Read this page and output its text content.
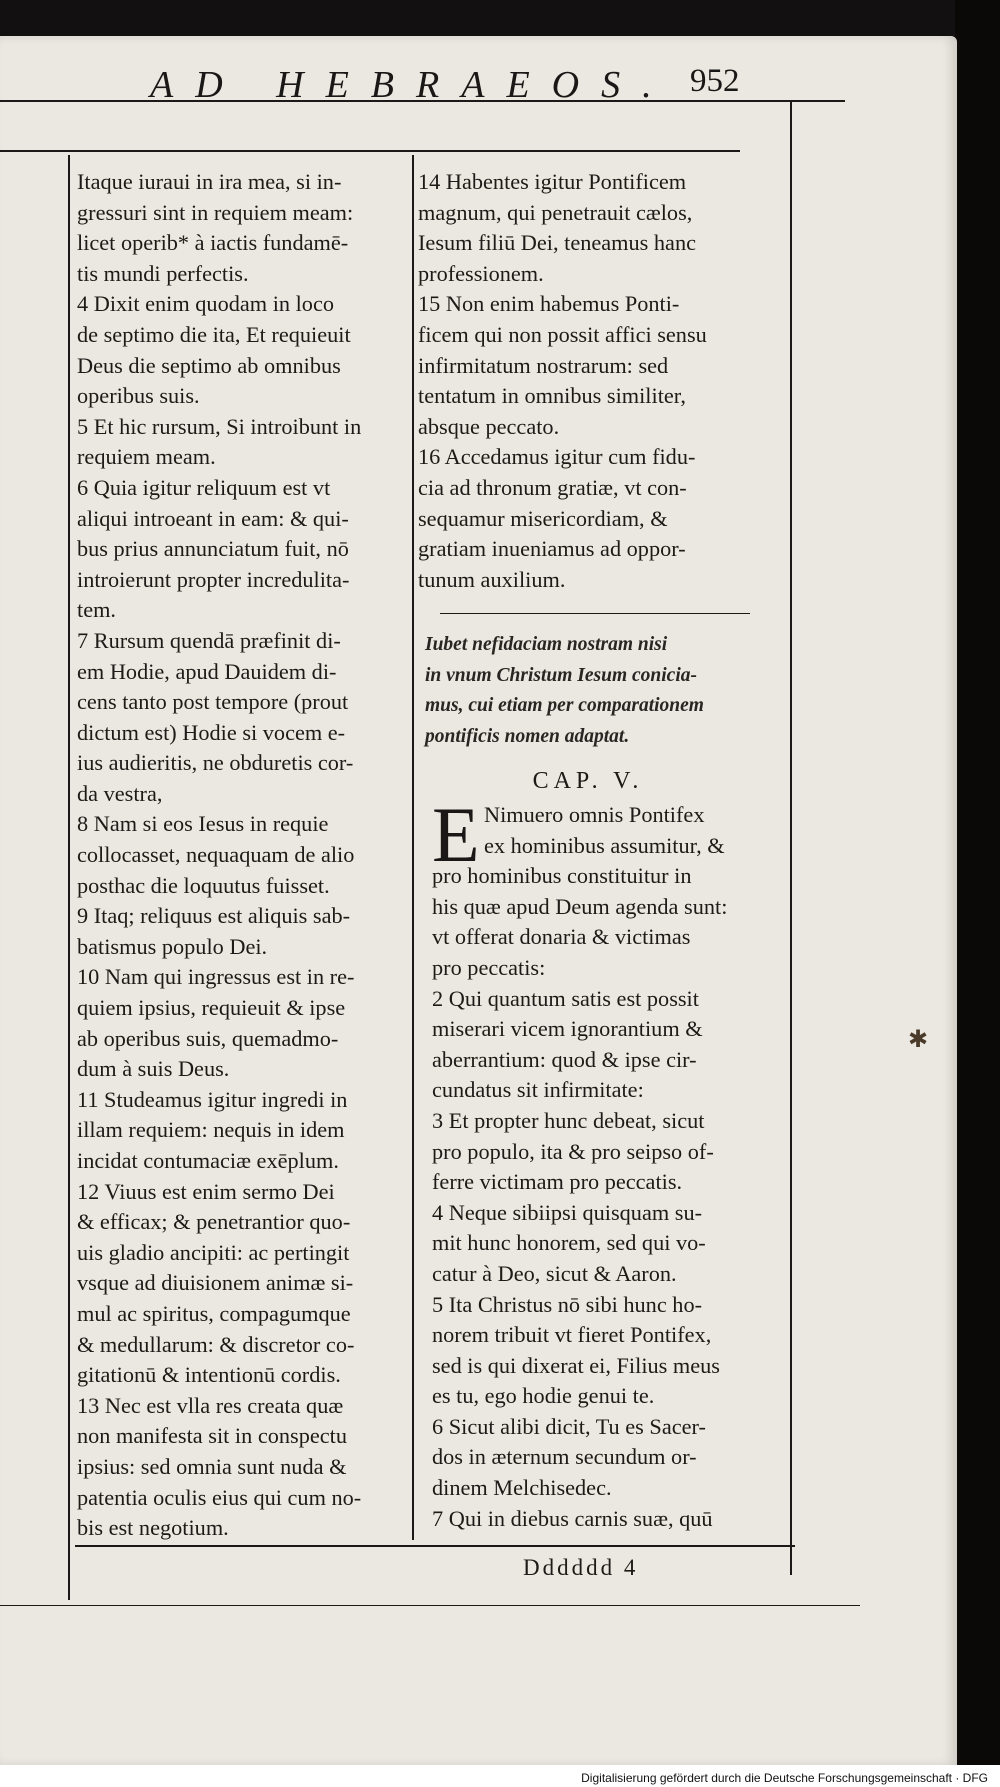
AD HEBRAEOS. 952
Itaque iuraui in ira mea, si in-
gressuri sint in requiem meam:
licet operib* à iactis fundamē-
tis mundi perfectis.
4 Dixit enim quodam in loco
de septimo die ita, Et requieuit
Deus die septimo ab omnibus
operibus suis.
5 Et hic rursum, Si introibunt in
requiem meam.
6 Quia igitur reliquum est vt
aliqui introeant in eam: & qui-
bus prius annunciatum fuit, nō
introierunt propter incredulita-
tem.
7 Rursum quendā præfinit di-
em Hodie, apud Dauidem di-
cens tanto post tempore (prout
dictum est) Hodie si vocem e-
ius audieritis, ne obduretis cor-
da vestra,
8 Nam si eos Iesus in requie
collocasset, nequaquam de alio
posthac die loquutus fuisset.
9 Itaq; reliquus est aliquis sab-
batismus populo Dei.
10 Nam qui ingressus est in re-
quiem ipsius, requieuit & ipse
ab operibus suis, quemadmo-
dum à suis Deus.
11 Studeamus igitur ingredi in
illam requiem: nequis in idem
incidat contumaciæ exēplum.
12 Viuus est enim sermo Dei
& efficax; & penetrantior quo-
uis gladio ancipiti: ac pertingit
vsque ad diuisionem animæ si-
mul ac spiritus, compagumque
& medullarum: & discretor co-
gitationū & intentionū cordis.
13 Nec est vlla res creata quæ
non manifesta sit in conspectu
ipsius: sed omnia sunt nuda &
patentia oculis eius qui cum no-
bis est negotium.
14 Habentes igitur Pontificem
magnum, qui penetrauit cælos,
Iesum filiū Dei, teneamus hanc
professionem.
15 Non enim habemus Ponti-
ficem qui non possit affici sensu
infirmitatum nostrarum: sed
tentatum in omnibus similiter,
absque peccato.
16 Accedamus igitur cum fidu-
cia ad thronum gratiæ, vt con-
sequamur misericordiam, &
gratiam inueniamus ad oppor-
tunum auxilium.
Iubet nefidaciam nostram nisi
in vnum Christum Iesum conicia-
mus, cui etiam per comparationem
pontificis nomen adaptat.
CAP. V.
E Nimuero omnis Pontifex
ex hominibus assumitur, &
pro hominibus constituitur in
his quæ apud Deum agenda sunt:
vt offerat donaria & victimas
pro peccatis:
2 Qui quantum satis est possit
miserari vicem ignorantium &
aberrantium: quod & ipse cir-
cundatus sit infirmitate:
3 Et propter hunc debeat, sicut
pro populo, ita & pro seipso of-
ferre victimam pro peccatis.
4 Neque sibiipsi quisquam su-
mit hunc honorem, sed qui vo-
catur à Deo, sicut & Aaron.
5 Ita Christus nō sibi hunc ho-
norem tribuit vt fieret Pontifex,
sed is qui dixerat ei, Filius meus
es tu, ego hodie genui te.
6 Sicut alibi dicit, Tu es Sacer-
dos in æternum secundum or-
dinem Melchisedec.
7 Qui in diebus carnis suæ, quū
Dddddd 4
✱
Digitalisierung gefördert durch die Deutsche Forschungsgemeinschaft · DFG
